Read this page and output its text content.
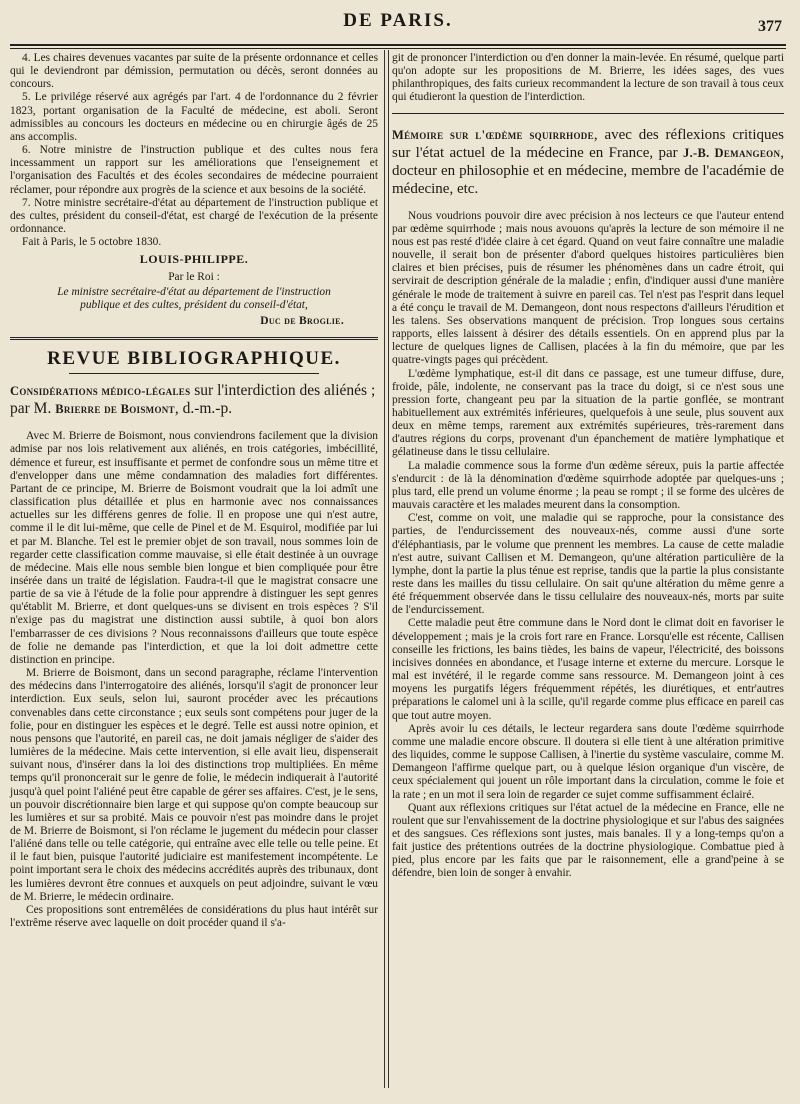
DE PARIS.	377

4. Les chaires devenues vacantes par suite de la présente ordonnance et celles qui le deviendront par démission, permutation ou décès, seront données au concours.

5. Le privilége réservé aux agrégés par l'art. 4 de l'ordonnance du 2 février 1823, portant organisation de la Faculté de médecine, est aboli. Seront admissibles au concours les docteurs en médecine ou en chirurgie âgés de 25 ans accomplis.

6. Notre ministre de l'instruction publique et des cultes nous fera incessamment un rapport sur les améliorations que l'enseignement et l'organisation des Facultés et des écoles secondaires de médecine pourraient réclamer, pour répondre aux progrès de la science et aux besoins de la société.

7. Notre ministre secrétaire-d'état au département de l'instruction publique et des cultes, président du conseil-d'état, est chargé de l'exécution de la présente ordonnance.

Fait à Paris, le 5 octobre 1830.

LOUIS-PHILIPPE.
Par le Roi :
Le ministre secrétaire-d'état au département de l'instruction publique et des cultes, président du conseil-d'état,
Duc de Broglie.
REVUE BIBLIOGRAPHIQUE.
Considérations médico-légales sur l'interdiction des aliénés ; par M. Brierre de Boismont, d.-m.-p.

Avec M. Brierre de Boismont, nous conviendrons facilement que la division admise par nos lois relativement aux aliénés, en trois catégories, imbécillité, démence et fureur, est insuffisante et permet de confondre sous un même titre et d'envelopper dans une même condamnation des maladies fort différentes. Partant de ce principe, M. Brierre de Boismont voudrait que la loi admît une classification plus détaillée et plus en harmonie avec nos connaissances actuelles sur les différens genres de folie. Il en propose une qui n'est autre, comme il le dit lui-même, que celle de Pinel et de M. Esquirol, modifiée par lui et par M. Blanche. Tel est le premier objet de son travail, nous sommes loin de regarder cette classification comme mauvaise, si elle était destinée à un ouvrage de médecine. Mais elle nous semble bien longue et bien compliquée pour être insérée dans un traité de législation. Faudra-t-il que le magistrat consacre une partie de sa vie à l'étude de la folie pour apprendre à distinguer les sept genres qu'établit M. Brierre, et dont quelques-uns se divisent en trois espèces ? S'il n'exige pas du magistrat une distinction aussi subtile, à quoi bon alors l'embarrasser de ces divisions ? Nous reconnaissons d'ailleurs que toute espèce de folie ne demande pas l'interdiction, et que la loi doit admettre cette distinction en principe.

M. Brierre de Boismont, dans un second paragraphe, réclame l'intervention des médecins dans l'interrogatoire des aliénés, lorsqu'il s'agit de prononcer leur interdiction. Eux seuls, selon lui, sauront procéder avec les précautions convenables dans cette circonstance ; eux seuls sont compétens pour juger de la folie, pour en distinguer les espèces et le degré. Telle est aussi notre opinion, et nous pensons que l'autorité, en pareil cas, ne doit jamais négliger de s'aider des lumières de la médecine. Mais cette intervention, si elle avait lieu, dispenserait suivant nous, d'insérer dans la loi des distinctions trop multipliées. En même temps qu'il prononcerait sur le genre de folie, le médecin indiquerait à l'autorité jusqu'à quel point l'aliéné peut être capable de gérer ses affaires. C'est, je le sens, un pouvoir discrétionnaire bien large et qui suppose qu'on compte beaucoup sur les lumières et sur sa probité. Mais ce pouvoir n'est pas moindre dans le projet de M. Brierre de Boismont, si l'on réclame le jugement du médecin pour classer l'aliéné dans telle ou telle catégorie, qui entraîne avec elle telle ou telle peine. Et il le faut bien, puisque l'autorité judiciaire est manifestement incompétente. Le point important sera le choix des médecins accrédités auprès des tribunaux, dont les lumières devront être connues et auxquels on peut adjoindre, suivant le vœu de M. Brierre, le médecin ordinaire.

Ces propositions sont entremêlées de considérations du plus haut intérêt sur l'extrême réserve avec laquelle on doit procéder quand il s'a-

git de prononcer l'interdiction ou d'en donner la main-levée. En résumé, quelque parti qu'on adopte sur les propositions de M. Brierre, les idées sages, des vues philanthropiques, des faits curieux recommandent la lecture de son travail à tous ceux qui étudieront la question de l'interdiction.

Mémoire sur l'œdème squirrhode, avec des réflexions critiques sur l'état actuel de la médecine en France, par J.-B. Demangeon, docteur en philosophie et en médecine, membre de l'académie de médecine, etc.

Nous voudrions pouvoir dire avec précision à nos lecteurs ce que l'auteur entend par œdème squirrhode ; mais nous avouons qu'après la lecture de son mémoire il ne nous est pas resté d'idée claire à cet égard. Quand on veut faire connaître une maladie nouvelle, il serait bon de présenter d'abord quelques histoires particulières bien claires et bien précises, puis de résumer les phénomènes dans un cadre étroit, qui servirait de description générale de la maladie ; enfin, d'indiquer aussi d'une manière générale le mode de traitement à suivre en pareil cas. Tel n'est pas l'esprit dans lequel a été conçu le travail de M. Demangeon, dont nous respectons d'ailleurs l'érudition et les talens. Ses observations manquent de précision. Trop longues sous certains rapports, elles laissent à désirer des détails essentiels. On en apprend plus par la lecture de quelques lignes de Callisen, placées à la fin du mémoire, que par les quatre-vingts pages qui précèdent.

L'œdème lymphatique, est-il dit dans ce passage, est une tumeur diffuse, dure, froide, pâle, indolente, ne conservant pas la trace du doigt, si ce n'est sous une pression forte, changeant peu par la situation de la partie gonflée, se montrant habituellement aux extrémités inférieures, quelquefois à une seule, plus souvent aux deux en même temps, rarement aux extrémités supérieures, très-rarement dans d'autres régions du corps, provenant d'un épanchement de matière lymphatique et gélatineuse dans le tissu cellulaire.

La maladie commence sous la forme d'un œdème séreux, puis la partie affectée s'endurcit : de là la dénomination d'œdème squirrhode adoptée par quelques-uns ; plus tard, elle prend un volume énorme ; la peau se rompt ; il se forme des ulcères de mauvais caractère et les malades meurent dans la consomption.

C'est, comme on voit, une maladie qui se rapproche, pour la consistance des parties, de l'endurcissement des nouveaux-nés, comme aussi d'une sorte d'éléphantiasis, par le volume que prennent les membres. La cause de cette maladie n'est autre, suivant Callisen et M. Demangeon, qu'une altération particulière de la lymphe, dont la partie la plus ténue est reprise, tandis que la partie la plus consistante reste dans les mailles du tissu cellulaire. On sait qu'une altération du même genre a été fréquemment observée dans le tissu cellulaire des nouveaux-nés, morts par suite de l'endurcissement.

Cette maladie peut être commune dans le Nord dont le climat doit en favoriser le développement ; mais je la crois fort rare en France. Lorsqu'elle est récente, Callisen conseille les frictions, les bains tièdes, les bains de vapeur, l'électricité, des boissons incisives données en abondance, et l'usage interne et externe du mercure. Lorsque le mal est invétéré, il le regarde comme sans ressource. M. Demangeon joint à ces moyens les purgatifs légers fréquemment répétés, les diurétiques, et entr'autres préparations le calomel uni à la scille, qu'il regarde comme plus efficace en pareil cas que tout autre moyen.

Après avoir lu ces détails, le lecteur regardera sans doute l'œdème squirrhode comme une maladie encore obscure. Il doutera si elle tient à une altération primitive des liquides, comme le suppose Callisen, à l'inertie du système vasculaire, comme M. Demangeon l'affirme quelque part, ou à quelque lésion organique d'un viscère, de ceux spécialement qui jouent un rôle important dans la circulation, comme le foie et la rate ; en un mot il sera loin de regarder ce sujet comme suffisamment éclairé.

Quant aux réflexions critiques sur l'état actuel de la médecine en France, elle ne roulent que sur l'envahissement de la doctrine physiologique et sur l'abus des saignées et des sangsues. Ces réflexions sont justes, mais banales. Il y a long-temps qu'on a fait justice des prétentions outrées de la doctrine physiologique. Combattue pied à pied, plus encore par les faits que par le raisonnement, elle a grand'peine à se défendre, bien loin de songer à envahir.
